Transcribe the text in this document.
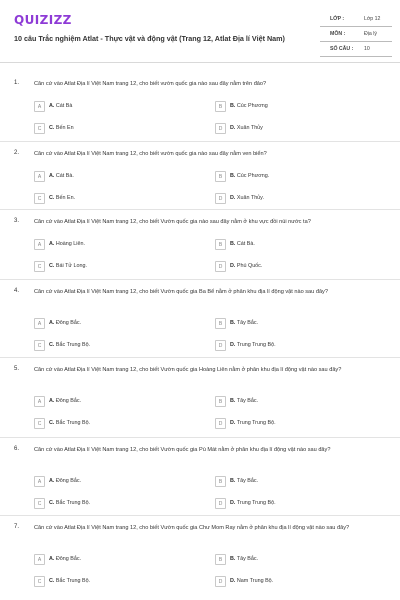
QUIZIZZ
10 câu Trắc nghiệm Atlat - Thực vật và động vật (Trang 12, Atlat Địa lí Việt Nam)
LỚP :	Lớp 12
MÔN :	Địa lý
SỐ CÂU : 10
1.	Căn cứ vào Atlat Địa lí Việt Nam trang 12, cho biết vườn quốc gia nào sau đây nằm trên đảo?
A	A. Cát Bà	B	B. Cúc Phương
C	C. Bến En	D	D. Xuân Thủy
2.	Căn cứ vào Atlat Địa lí Việt Nam trang 12, cho biết vườn quốc gia nào sau đây nằm ven biển?
A	A. Cát Bà.	B	B. Cúc Phương.
C	C. Bến En.	D	D. Xuân Thủy.
3.	Căn cứ vào Atlat Địa lí Việt Nam trang 12, cho biết Vườn quốc gia nào sau đây nằm ở khu vực đồi núi nước ta?
A	A. Hoàng Liên.	B	B. Cát Bà.
C	C. Bái Tử Long.	D	D. Phú Quốc.
4.	Căn cứ vào Atlat Địa lí Việt Nam trang 12, cho biết Vườn quốc gia Ba Bể nằm ở phân khu địa lí động vật nào sau đây?
A	A. Đông Bắc.	B	B. Tây Bắc.
C	C. Bắc Trung Bộ.	D	D. Trung Trung Bộ.
5.	Căn cứ vào Atlat Địa lí Việt Nam trang 12, cho biết Vườn quốc gia Hoàng Liên nằm ở phân khu địa lí động vật nào sau đây?
A	A. Đông Bắc.	B	B. Tây Bắc.
C	C. Bắc Trung Bộ.	D	D. Trung Trung Bộ.
6.	Căn cứ vào Atlat Địa lí Việt Nam trang 12, cho biết Vườn quốc gia Pù Mát nằm ở phân khu địa lí động vật nào sau đây?
A	A. Đông Bắc.	B	B. Tây Bắc.
C	C. Bắc Trung Bộ.	D	D. Trung Trung Bộ.
7.	Căn cứ vào Atlat Địa lí Việt Nam trang 12, cho biết Vườn quốc gia Chư Mom Ray nằm ở phân khu địa lí động vật nào sau đây?
A	A. Đông Bắc.	B	B. Tây Bắc.
C	C. Bắc Trung Bộ.	D	D. Nam Trung Bộ.
